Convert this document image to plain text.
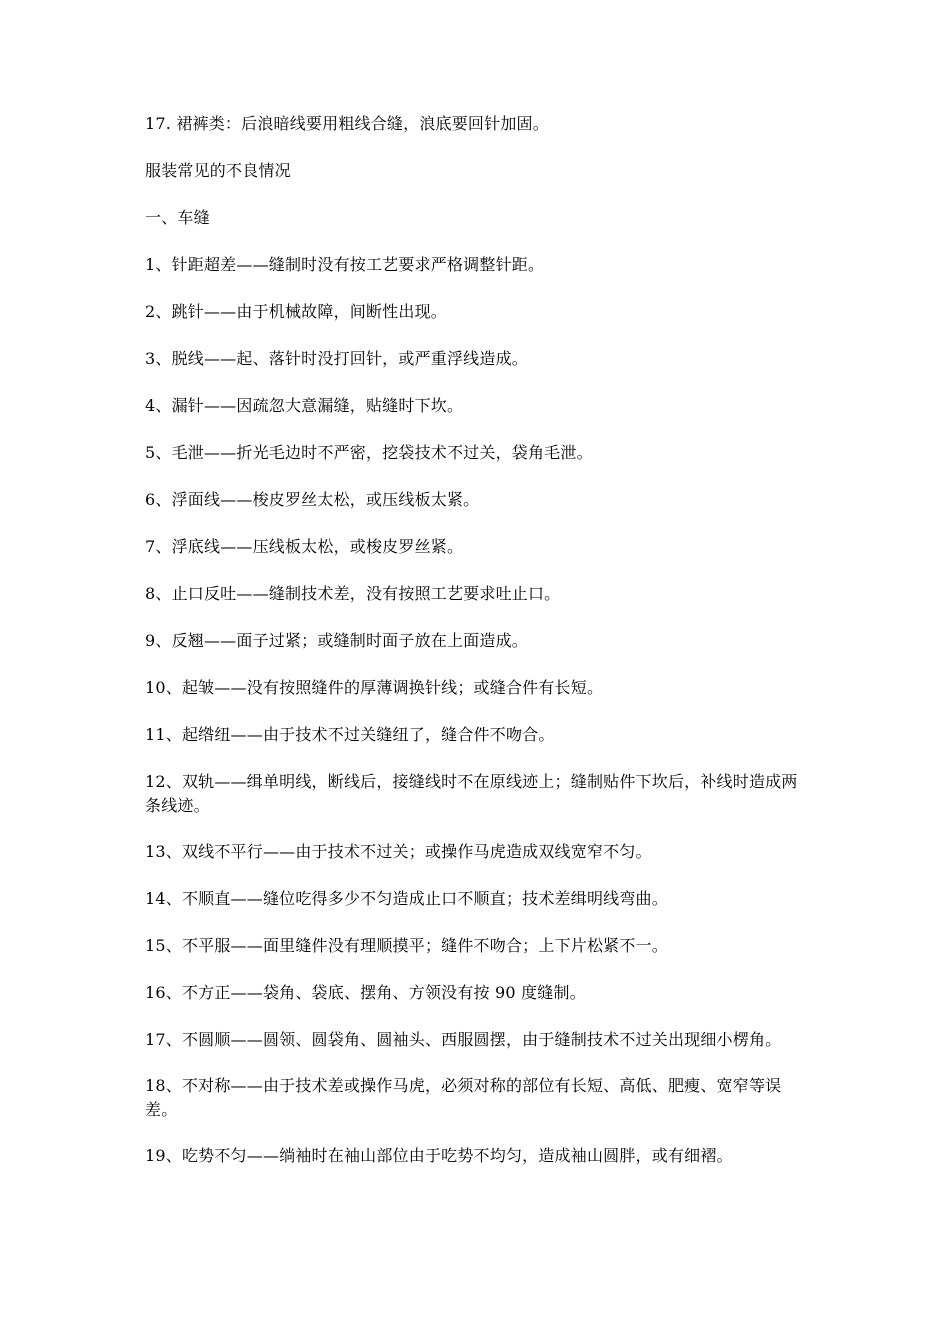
17. 裙裤类：后浪暗线要用粗线合缝，浪底要回针加固。

服装常见的不良情况

一、车缝

1、针距超差——缝制时没有按工艺要求严格调整针距。

2、跳针——由于机械故障，间断性出现。

3、脱线——起、落针时没打回针，或严重浮线造成。

4、漏针——因疏忽大意漏缝，贴缝时下坎。

5、毛泄——折光毛边时不严密，挖袋技术不过关，袋角毛泄。

6、浮面线——梭皮罗丝太松，或压线板太紧。

7、浮底线——压线板太松，或梭皮罗丝紧。

8、止口反吐——缝制技术差，没有按照工艺要求吐止口。

9、反翘——面子过紧；或缝制时面子放在上面造成。

10、起皱——没有按照缝件的厚薄调换针线；或缝合件有长短。

11、起绺纽——由于技术不过关缝纽了，缝合件不吻合。

12、双轨——缉单明线，断线后，接缝线时不在原线迹上；缝制贴件下坎后，补线时造成两条线迹。

13、双线不平行——由于技术不过关；或操作马虎造成双线宽窄不匀。

14、不顺直——缝位吃得多少不匀造成止口不顺直；技术差缉明线弯曲。

15、不平服——面里缝件没有理顺摸平；缝件不吻合；上下片松紧不一。

16、不方正——袋角、袋底、摆角、方领没有按 90 度缝制。

17、不圆顺——圆领、圆袋角、圆袖头、西服圆摆，由于缝制技术不过关出现细小楞角。

18、不对称——由于技术差或操作马虎，必须对称的部位有长短、高低、肥瘦、宽窄等误差。

19、吃势不匀——绱袖时在袖山部位由于吃势不均匀，造成袖山圆胖，或有细褶。
